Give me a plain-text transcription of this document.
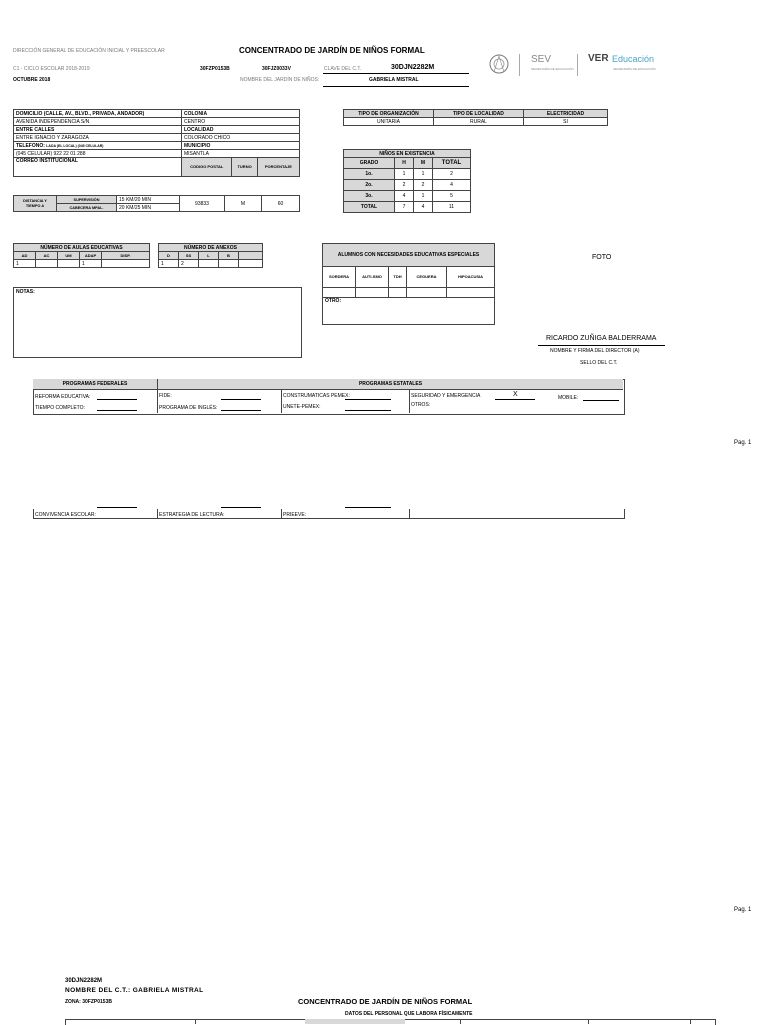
DIRECCIÓN GENERAL DE EDUCACIÓN INICIAL Y PREESCOLAR	CONCENTRADO DE JARDÍN DE NIÑOS FORMAL
C1 - CICLO ESCOLAR 2018-2019	30FZP0153B	30FJZ0033V	CLAVE DEL C.T.	30DJN2282M
OCTUBRE 2018	NOMBRE DEL JARDÍN DE NIÑOS:	GABRIELA MISTRAL
SEV
SECRETARÍA DE EDUCACIÓN
VER Educación
SECRETARÍA DE EDUCACIÓN
DOMICILIO (CALLE, AV., BLVD., PRIVADA, ANDADOR)	COLONIA		
AVENIDA INDEPENDENCIA S/N	CENTRO		
ENTRE CALLES	LOCALIDAD		
ENTRE IGNACIO Y ZARAGOZA	COLORADO CHICO		
TELEFONO: LADA (EL LOCAL) (045 CELULAR)	MUNICIPIO		
(045 CELULAR) 922 22 01 288	MISANTLA		
CORREO INSTITUCIONAL	CODIGO POSTAL	TURNO	PORCENTAJE
DISTANCIA Y TIEMPO A	SUPERVISIÓN	15 KM/20 MIN	93833	M	60
	CABECERA MPAL.	20 KM/25 MIN			
TIPO DE ORGANIZACIÓN	TIPO DE LOCALIDAD	ELECTRICIDAD
UNITARIA	RURAL	SI
NIÑOS EN EXISTENCIA			
GRADO	H	M	TOTAL
1o.	1	1	2
2o.	2	2	4
3o.	4	1	5
TOTAL	7	4	11
NÚMERO DE AULAS EDUCATIVAS				
AD	AC	UM	ADAP	DISP.
1			1	
NÚMERO DE ANEXOS				
D	SS	L	B	
1	2			
ALUMNOS CON NECESIDADES EDUCATIVAS ESPECIALES				
SORDERA	AUTI-SMO	TDH	CEGUERA	HIPOACUSIA

OTRO:				
FOTO
NOTAS:
RICARDO ZUÑIGA BALDERRAMA
NOMBRE Y FIRMA DEL DIRECTOR (A)
SELLO DEL C.T.
PROGRAMAS FEDERALES	PROGRAMAS ESTATALES
REFORMA EDUCATIVA:
TIEMPO COMPLETO:
FIDE:
PROGRAMA DE INGLÉS:
CONSTRUMATICAS PEMEX:
UNETE-PEMEX:
SEGURIDAD Y EMERGENCIA	X	MOBILE:
OTROS:
Pag. 1
CONVIVENCIA ESCOLAR:	ESTRATEGIA DE LECTURA:	PRIEEVE:
Pag. 1
30DJN2282M
NOMBRE DEL C.T.: GABRIELA MISTRAL
ZONA: 30FZP0153B	CONCENTRADO DE JARDÍN DE NIÑOS FORMAL
DATOS DEL PERSONAL QUE LABORA FÍSICAMENTE
